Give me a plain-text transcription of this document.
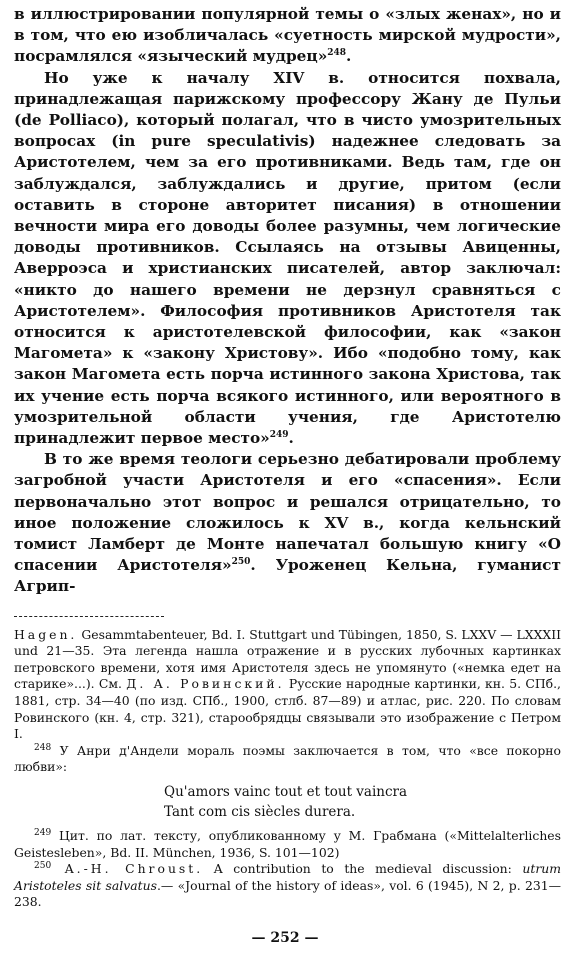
в иллюстрировании популярной темы о «злых женах», но и в том, что ею изобличалась «суетность мирской мудрости», посрамлялся «языческий мудрец»$^{248}$.

Но уже к началу XIV в. относится похвала, принадлежащая парижскому профессору Жану де Пульи (de Polliaco), который полагал, что в чисто умозрительных вопросах (in pure speculativis) надежнее следовать за Аристотелем, чем за его противниками. Ведь там, где он заблуждался, заблуждались и другие, притом (если оставить в стороне авторитет писания) в отношении вечности мира его доводы более разумны, чем логические доводы противников. Ссылаясь на отзывы Авиценны, Аверроэса и христианских писателей, автор заключал: «никто до нашего времени не дерзнул сравняться с Аристотелем». Философия противников Аристотеля так относится к аристотелевской философии, как «закон Магомета» к «закону Христову». Ибо «подобно тому, как закон Магомета есть порча истинного закона Христова, так их учение есть порча всякого истинного, или вероятного в умозрительной области учения, где Аристотелю принадлежит первое место»$^{249}$.

В то же время теологи серьезно дебатировали проблему загробной участи Аристотеля и его «спасения». Если первоначально этот вопрос и решался отрицательно, то иное положение сложилось к XV в., когда кельнский томист Ламберт де Монте напечатал большую книгу «О спасении Аристотеля»$^{250}$. Уроженец Кельна, гуманист Агрип-

Hagen. Gesammtabenteuer, Bd. I. Stuttgart und Tübingen, 1850, S. LXXV — LXXXII und 21—35. Эта легенда нашла отражение и в русских лубочных картинках петровского времени, хотя имя Аристотеля здесь не упомянуто («немка едет на старике»...). См. Д. А. Ровинский. Русские народные картинки, кн. 5. СПб., 1881, стр. 34—40 (по изд. СПб., 1900, стлб. 87—89) и атлас, рис. 220. По словам Ровинского (кн. 4, стр. 321), старообрядцы связывали это изображение с Петром I.

$^{248}$ У Анри д'Андели мораль поэмы заключается в том, что «все покорно любви»:

Qu'amors vainc tout et tout vaincra
Tant com cis siècles durera.

$^{249}$ Цит. по лат. тексту, опубликованному у М. Грабмана («Mittelalterliches Geistesleben», Bd. II. München, 1936, S. 101—102)

$^{250}$ A.-H. Chroust. A contribution to the medieval discussion: utrum Aristoteles sit salvatus.— «Journal of the history of ideas», vol. 6 (1945), N 2, p. 231—238.

— 252 —
